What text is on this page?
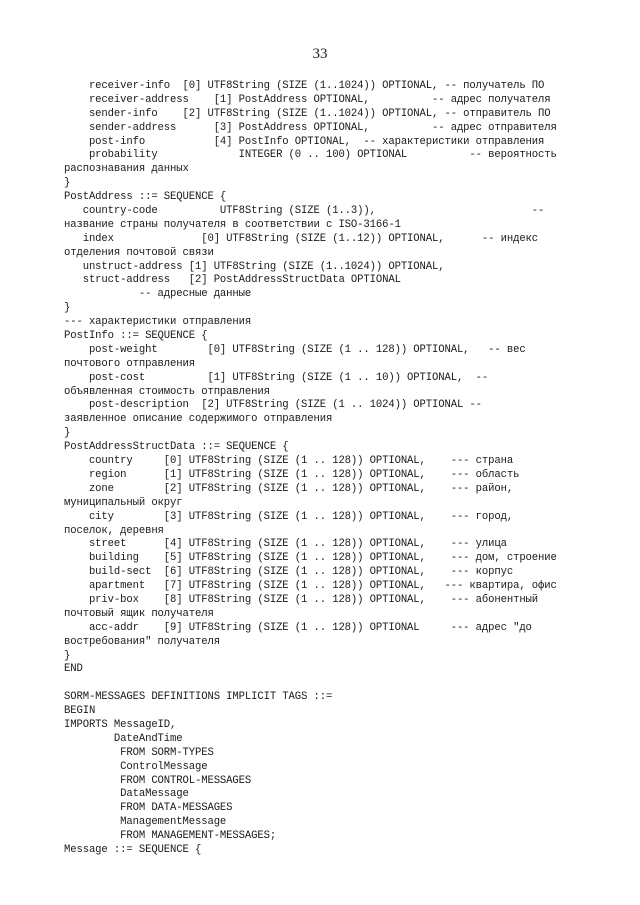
33
receiver-info  [0] UTF8String (SIZE (1..1024)) OPTIONAL, -- получатель ПО
receiver-address    [1] PostAddress OPTIONAL,          -- адрес получателя
sender-info    [2] UTF8String (SIZE (1..1024)) OPTIONAL, -- отправитель ПО
sender-address      [3] PostAddress OPTIONAL,          -- адрес отправителя
post-info           [4] PostInfo OPTIONAL,  -- характеристики отправления
probability             INTEGER (0 .. 100) OPTIONAL          -- вероятность
распознавания данных
}
PostAddress ::= SEQUENCE {
country-code          UTF8String (SIZE (1..3)),                         --
название страны получателя в соответствии с ISO-3166-1
index              [0] UTF8String (SIZE (1..12)) OPTIONAL,      -- индекс
отделения почтовой связи
unstruct-address [1] UTF8String (SIZE (1..1024)) OPTIONAL,
struct-address   [2] PostAddressStructData OPTIONAL
-- адресные данные
}
--- характеристики отправления
PostInfo ::= SEQUENCE {
post-weight        [0] UTF8String (SIZE (1 .. 128)) OPTIONAL,   -- вес
почтового отправления
post-cost          [1] UTF8String (SIZE (1 .. 10)) OPTIONAL,  --
объявленная стоимость отправления
post-description  [2] UTF8String (SIZE (1 .. 1024)) OPTIONAL --
заявленное описание содержимого отправления
}
PostAddressStructData ::= SEQUENCE {
country     [0] UTF8String (SIZE (1 .. 128)) OPTIONAL,    --- страна
region      [1] UTF8String (SIZE (1 .. 128)) OPTIONAL,    --- область
zone        [2] UTF8String (SIZE (1 .. 128)) OPTIONAL,    --- район,
муниципальный округ
city        [3] UTF8String (SIZE (1 .. 128)) OPTIONAL,    --- город,
поселок, деревня
street      [4] UTF8String (SIZE (1 .. 128)) OPTIONAL,    --- улица
building    [5] UTF8String (SIZE (1 .. 128)) OPTIONAL,    --- дом, строение
build-sect  [6] UTF8String (SIZE (1 .. 128)) OPTIONAL,    --- корпус
apartment   [7] UTF8String (SIZE (1 .. 128)) OPTIONAL,   --- квартира, офис
priv-box    [8] UTF8String (SIZE (1 .. 128)) OPTIONAL,    --- абонентный
почтовый ящик получателя
acc-addr    [9] UTF8String (SIZE (1 .. 128)) OPTIONAL     --- адрес "до
востребования" получателя
}
END
SORM-MESSAGES DEFINITIONS IMPLICIT TAGS ::=
BEGIN
IMPORTS MessageID,
DateAndTime
FROM SORM-TYPES
ControlMessage
FROM CONTROL-MESSAGES
DataMessage
FROM DATA-MESSAGES
ManagementMessage
FROM MANAGEMENT-MESSAGES;
Message ::= SEQUENCE {
